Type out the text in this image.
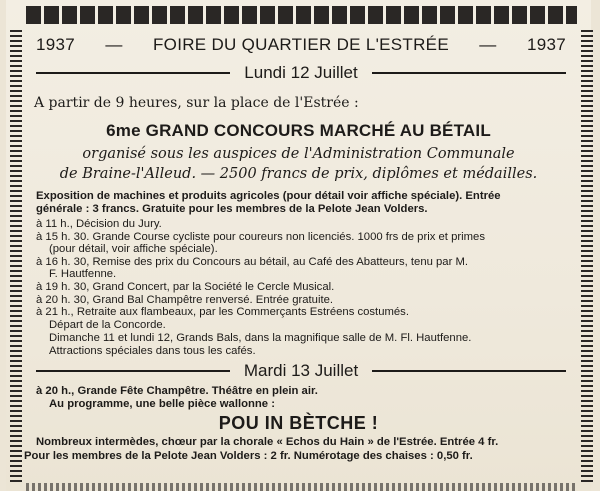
1937 — FOIRE DU QUARTIER DE L'ESTRÉE — 1937
Lundi 12 Juillet
A partir de 9 heures, sur la place de l'Estrée :
6me GRAND CONCOURS MARCHÉ AU BÉTAIL
organisé sous les auspices de l'Administration Communale
de Braine-l'Alleud. — 2500 francs de prix, diplômes et médailles.
Exposition de machines et produits agricoles (pour détail voir affiche spéciale). Entrée
générale : 3 francs. Gratuite pour les membres de la Pelote Jean Volders.
à 11 h., Décision du Jury.
à 15 h. 30. Grande Course cycliste pour coureurs non licenciés. 1000 frs de prix et primes
(pour détail, voir affiche spéciale).
à 16 h. 30, Remise des prix du Concours au bétail, au Café des Abatteurs, tenu par M.
F. Hautfenne.
à 19 h. 30, Grand Concert, par la Société le Cercle Musical.
à 20 h. 30, Grand Bal Champêtre renversé. Entrée gratuite.
à 21 h., Retraite aux flambeaux, par les Commerçants Estréens costumés.
Départ de la Concorde.
Dimanche 11 et lundi 12, Grands Bals, dans la magnifique salle de M. Fl. Hautfenne.
Attractions spéciales dans tous les cafés.
Mardi 13 Juillet
à 20 h., Grande Fête Champêtre. Théâtre en plein air.
Au programme, une belle pièce wallonne :
POU IN BÈTCHE !
Nombreux intermèdes, chœur par la chorale « Echos du Hain » de l'Estrée. Entrée 4 fr.
Pour les membres de la Pelote Jean Volders : 2 fr. Numérotage des chaises : 0,50 fr.
